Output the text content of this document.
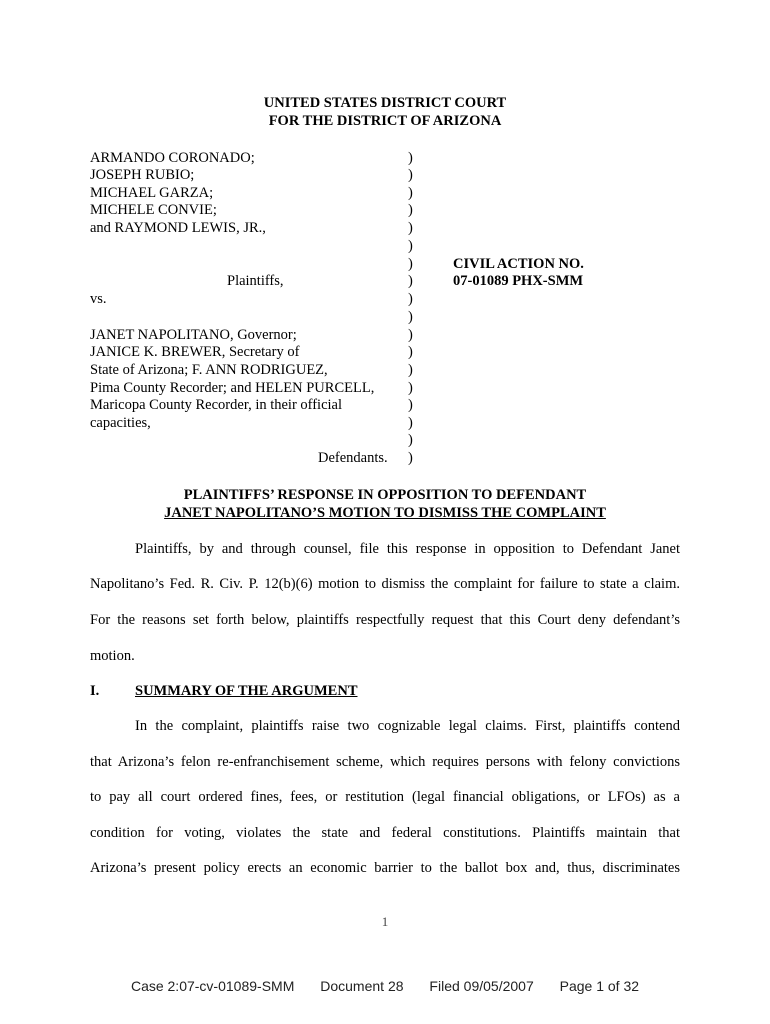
UNITED STATES DISTRICT COURT
FOR THE DISTRICT OF ARIZONA
ARMANDO CORONADO;
JOSEPH RUBIO;
MICHAEL GARZA;
MICHELE CONVIE;
and RAYMOND LEWIS, JR.,
Plaintiffs,
vs.
JANET NAPOLITANO, Governor;
JANICE K. BREWER, Secretary of
State of Arizona; F. ANN RODRIGUEZ,
Pima County Recorder; and HELEN PURCELL,
Maricopa County Recorder, in their official
capacities,
Defendants.
)
)
)
)
)
)
)
)
)
)
)
)
)
)
)
)
)
)
CIVIL ACTION NO.
07-01089 PHX-SMM
PLAINTIFFS’ RESPONSE IN OPPOSITION TO DEFENDANT
JANET NAPOLITANO’S MOTION TO DISMISS THE COMPLAINT
Plaintiffs, by and through counsel, file this response in opposition to Defendant Janet
Napolitano’s Fed. R. Civ. P. 12(b)(6) motion to dismiss the complaint for failure to state a claim.
For the reasons set forth below, plaintiffs respectfully request that this Court deny defendant’s
motion.
I. SUMMARY OF THE ARGUMENT
In the complaint, plaintiffs raise two cognizable legal claims. First, plaintiffs contend
that Arizona’s felon re-enfranchisement scheme, which requires persons with felony convictions
to pay all court ordered fines, fees, or restitution (legal financial obligations, or LFOs) as a
condition for voting, violates the state and federal constitutions. Plaintiffs maintain that
Arizona’s present policy erects an economic barrier to the ballot box and, thus, discriminates
1
Case 2:07-cv-01089-SMM Document 28 Filed 09/05/2007 Page 1 of 32
